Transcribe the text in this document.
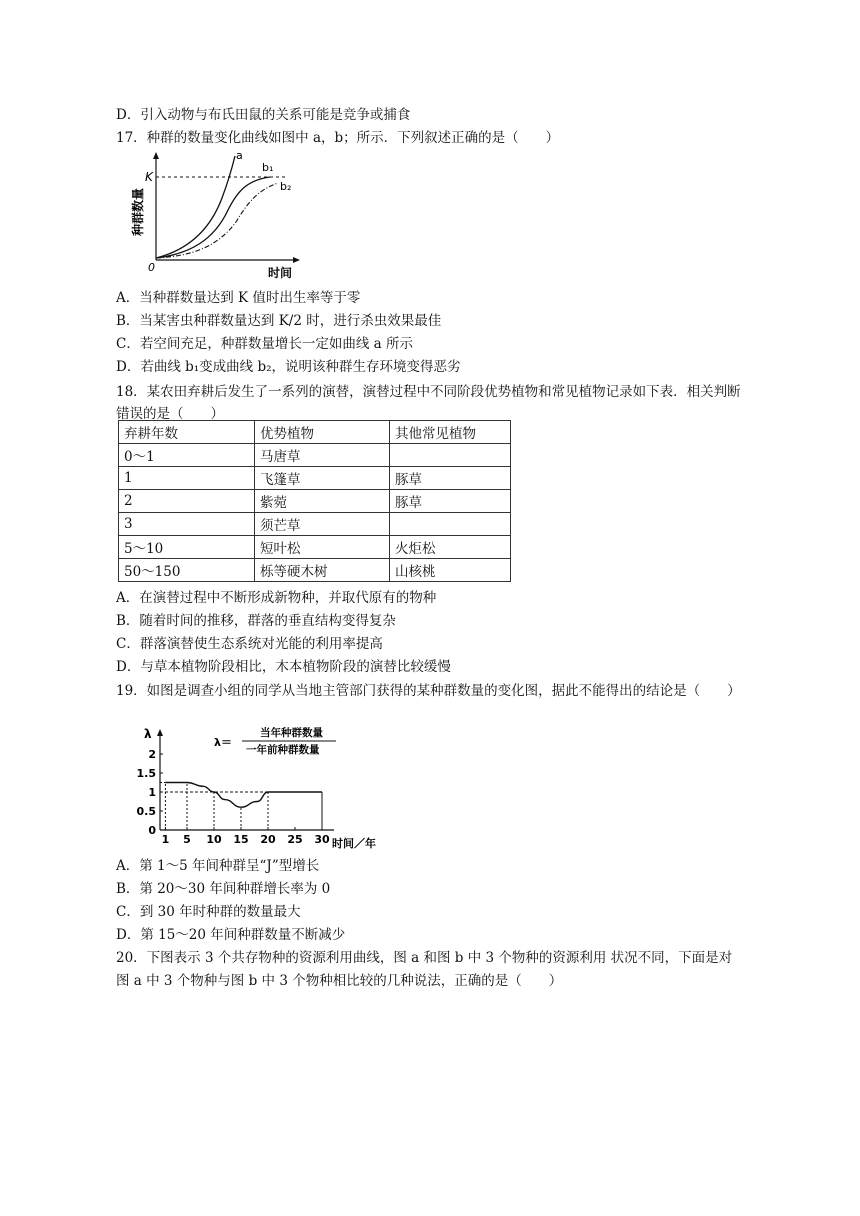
D．引入动物与布氏田鼠的关系可能是竞争或捕食
17．种群的数量变化曲线如图中 a，b；所示．下列叙述正确的是（　　）
K
0
a
b₁
b₂
种群数量
时间
A．当种群数量达到 K 值时出生率等于零
B．当某害虫种群数量达到 K/2 时，进行杀虫效果最佳
C．若空间充足，种群数量增长一定如曲线 a 所示
D．若曲线 b₁变成曲线 b₂，说明该种群生存环境变得恶劣
18．某农田弃耕后发生了一系列的演替，演替过程中不同阶段优势植物和常见植物记录如下表．相关判断错误的是（　　）
弃耕年数	优势植物	其他常见植物
0～1	马唐草	
1	飞篷草	豚草
2	紫菀	豚草
3	须芒草	
5～10	短叶松	火炬松
50～150	栎等硬木树	山核桃
A．在演替过程中不断形成新物种，并取代原有的物种
B．随着时间的推移，群落的垂直结构变得复杂
C．群落演替使生态系统对光能的利用率提高
D．与草本植物阶段相比，木本植物阶段的演替比较缓慢
19．如图是调查小组的同学从当地主管部门获得的某种群数量的变化图，据此不能得出的结论是（　　）
0
0.5
1
1.5
2
1 5 10 15 20 25 30
λ
λ＝
当年种群数量
一年前种群数量
时间／年
A．第 1～5 年间种群呈“J”型增长
B．第 20～30 年间种群增长率为 0
C．到 30 年时种群的数量最大
D．第 15～20 年间种群数量不断减少
20．下图表示 3 个共存物种的资源利用曲线，图 a 和图 b 中 3 个物种的资源利用 状况不同，下面是对图 a 中 3 个物种与图 b 中 3 个物种相比较的几种说法，正确的是（　　）
